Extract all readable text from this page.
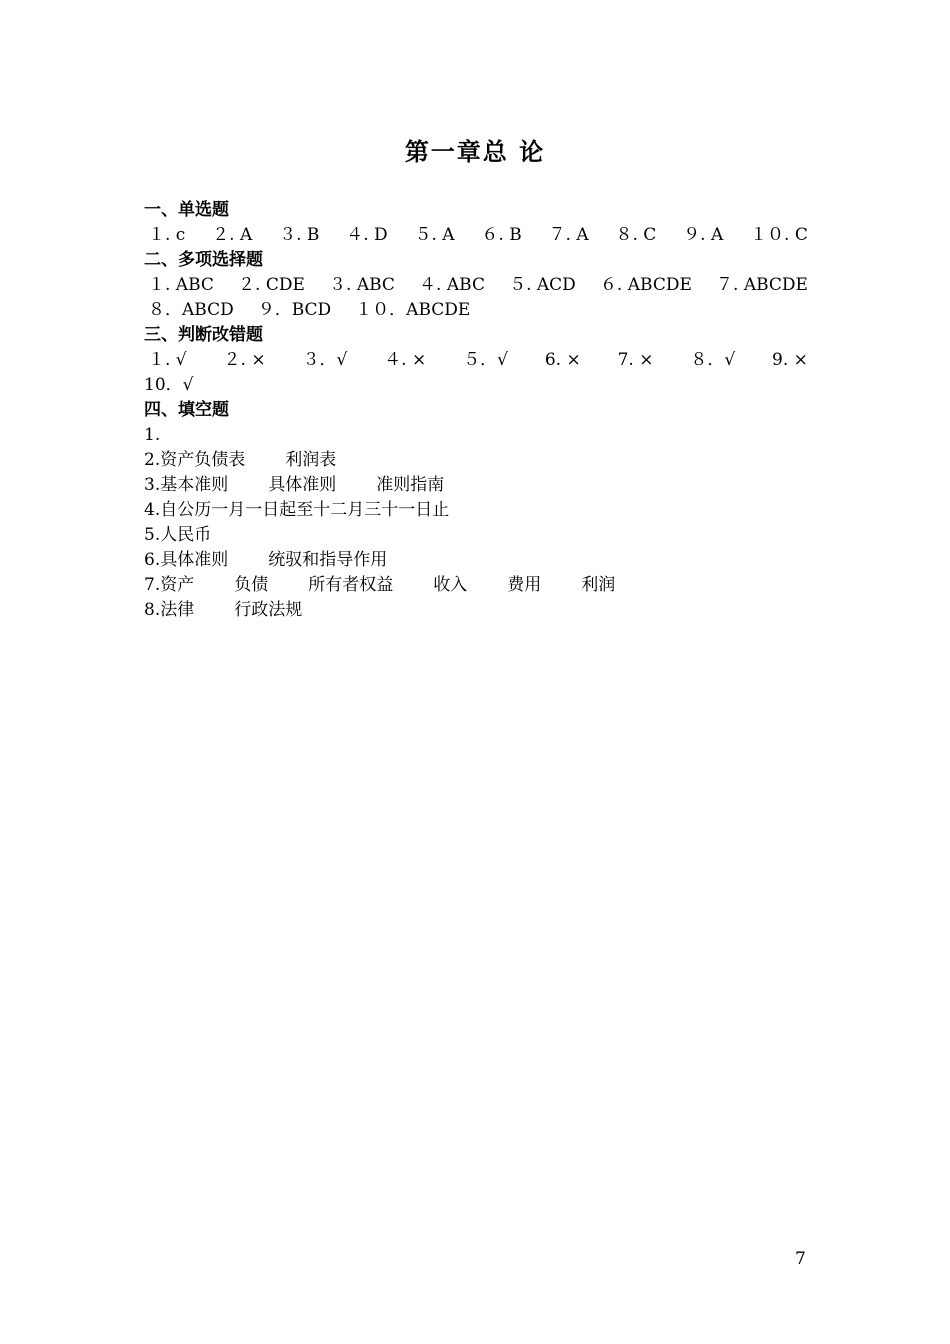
第一章总 论
一、单选题
１. c ２. A ３. B ４. D ５. A ６. B ７. A ８. C ９. A １０. C
二、多项选择题
１. ABC ２. CDE ３. ABC ４. ABC ５. ACD ６. ABCDE ７. ABCDE
８．ABCD ９．BCD １０．ABCDE
三、判断改错题
１. √ ２. × ３．√ ４. × ５．√ 6. × 7. × ８．√ 9. ×
10．√
四、填空题
1.
2.资产负债表 利润表
3.基本准则 具体准则 准则指南
4.自公历一月一日起至十二月三十一日止
5.人民币
6.具体准则 统驭和指导作用
7.资产 负债 所有者权益 收入 费用 利润
8.法律 行政法规
7
